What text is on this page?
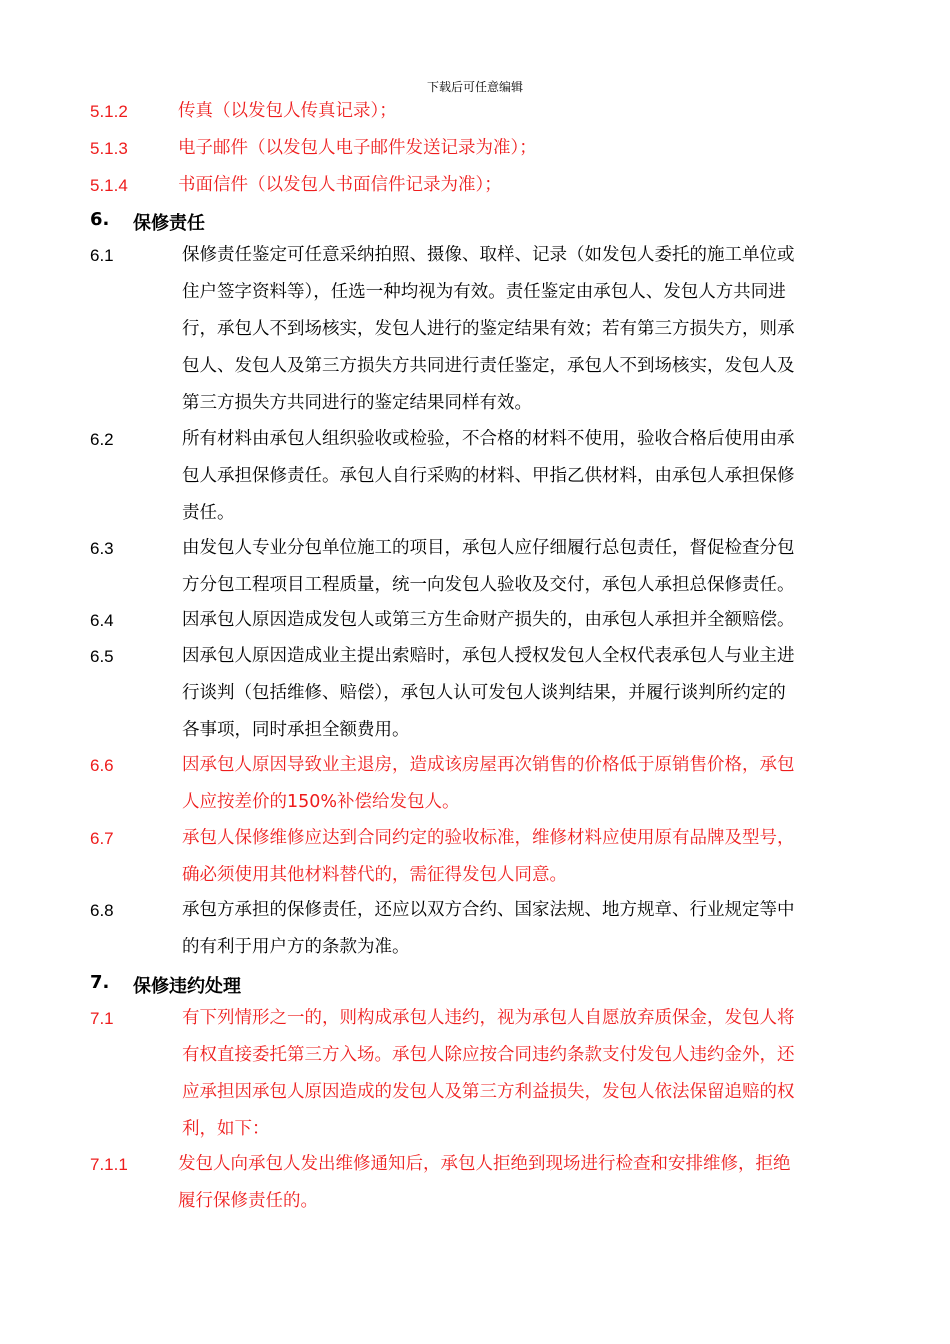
下载后可任意编辑
5.1.2	传真（以发包人传真记录）；
5.1.3	电子邮件（以发包人电子邮件发送记录为准）；
5.1.4	书面信件（以发包人书面信件记录为准）；
6. 保修责任
6.1	保修责任鉴定可任意采纳拍照、摄像、取样、记录（如发包人委托的施工单位或
住户签字资料等），任选一种均视为有效。责任鉴定由承包人、发包人方共同进
行，承包人不到场核实，发包人进行的鉴定结果有效；若有第三方损失方，则承
包人、发包人及第三方损失方共同进行责任鉴定，承包人不到场核实，发包人及
第三方损失方共同进行的鉴定结果同样有效。
6.2	所有材料由承包人组织验收或检验，不合格的材料不使用，验收合格后使用由承
包人承担保修责任。承包人自行采购的材料、甲指乙供材料，由承包人承担保修
责任。
6.3	由发包人专业分包单位施工的项目，承包人应仔细履行总包责任，督促检查分包
方分包工程项目工程质量，统一向发包人验收及交付，承包人承担总保修责任。
6.4	因承包人原因造成发包人或第三方生命财产损失的，由承包人承担并全额赔偿。
6.5	因承包人原因造成业主提出索赔时，承包人授权发包人全权代表承包人与业主进
行谈判（包括维修、赔偿），承包人认可发包人谈判结果，并履行谈判所约定的
各事项，同时承担全额费用。
6.6	因承包人原因导致业主退房，造成该房屋再次销售的价格低于原销售价格，承包
人应按差价的150%补偿给发包人。
6.7	承包人保修维修应达到合同约定的验收标准，维修材料应使用原有品牌及型号，
确必须使用其他材料替代的，需征得发包人同意。
6.8	承包方承担的保修责任，还应以双方合约、国家法规、地方规章、行业规定等中
的有利于用户方的条款为准。
7. 保修违约处理
7.1	有下列情形之一的，则构成承包人违约，视为承包人自愿放弃质保金，发包人将
有权直接委托第三方入场。承包人除应按合同违约条款支付发包人违约金外，还
应承担因承包人原因造成的发包人及第三方利益损失，发包人依法保留追赔的权
利，如下：
7.1.1	发包人向承包人发出维修通知后，承包人拒绝到现场进行检查和安排维修，拒绝
履行保修责任的。
